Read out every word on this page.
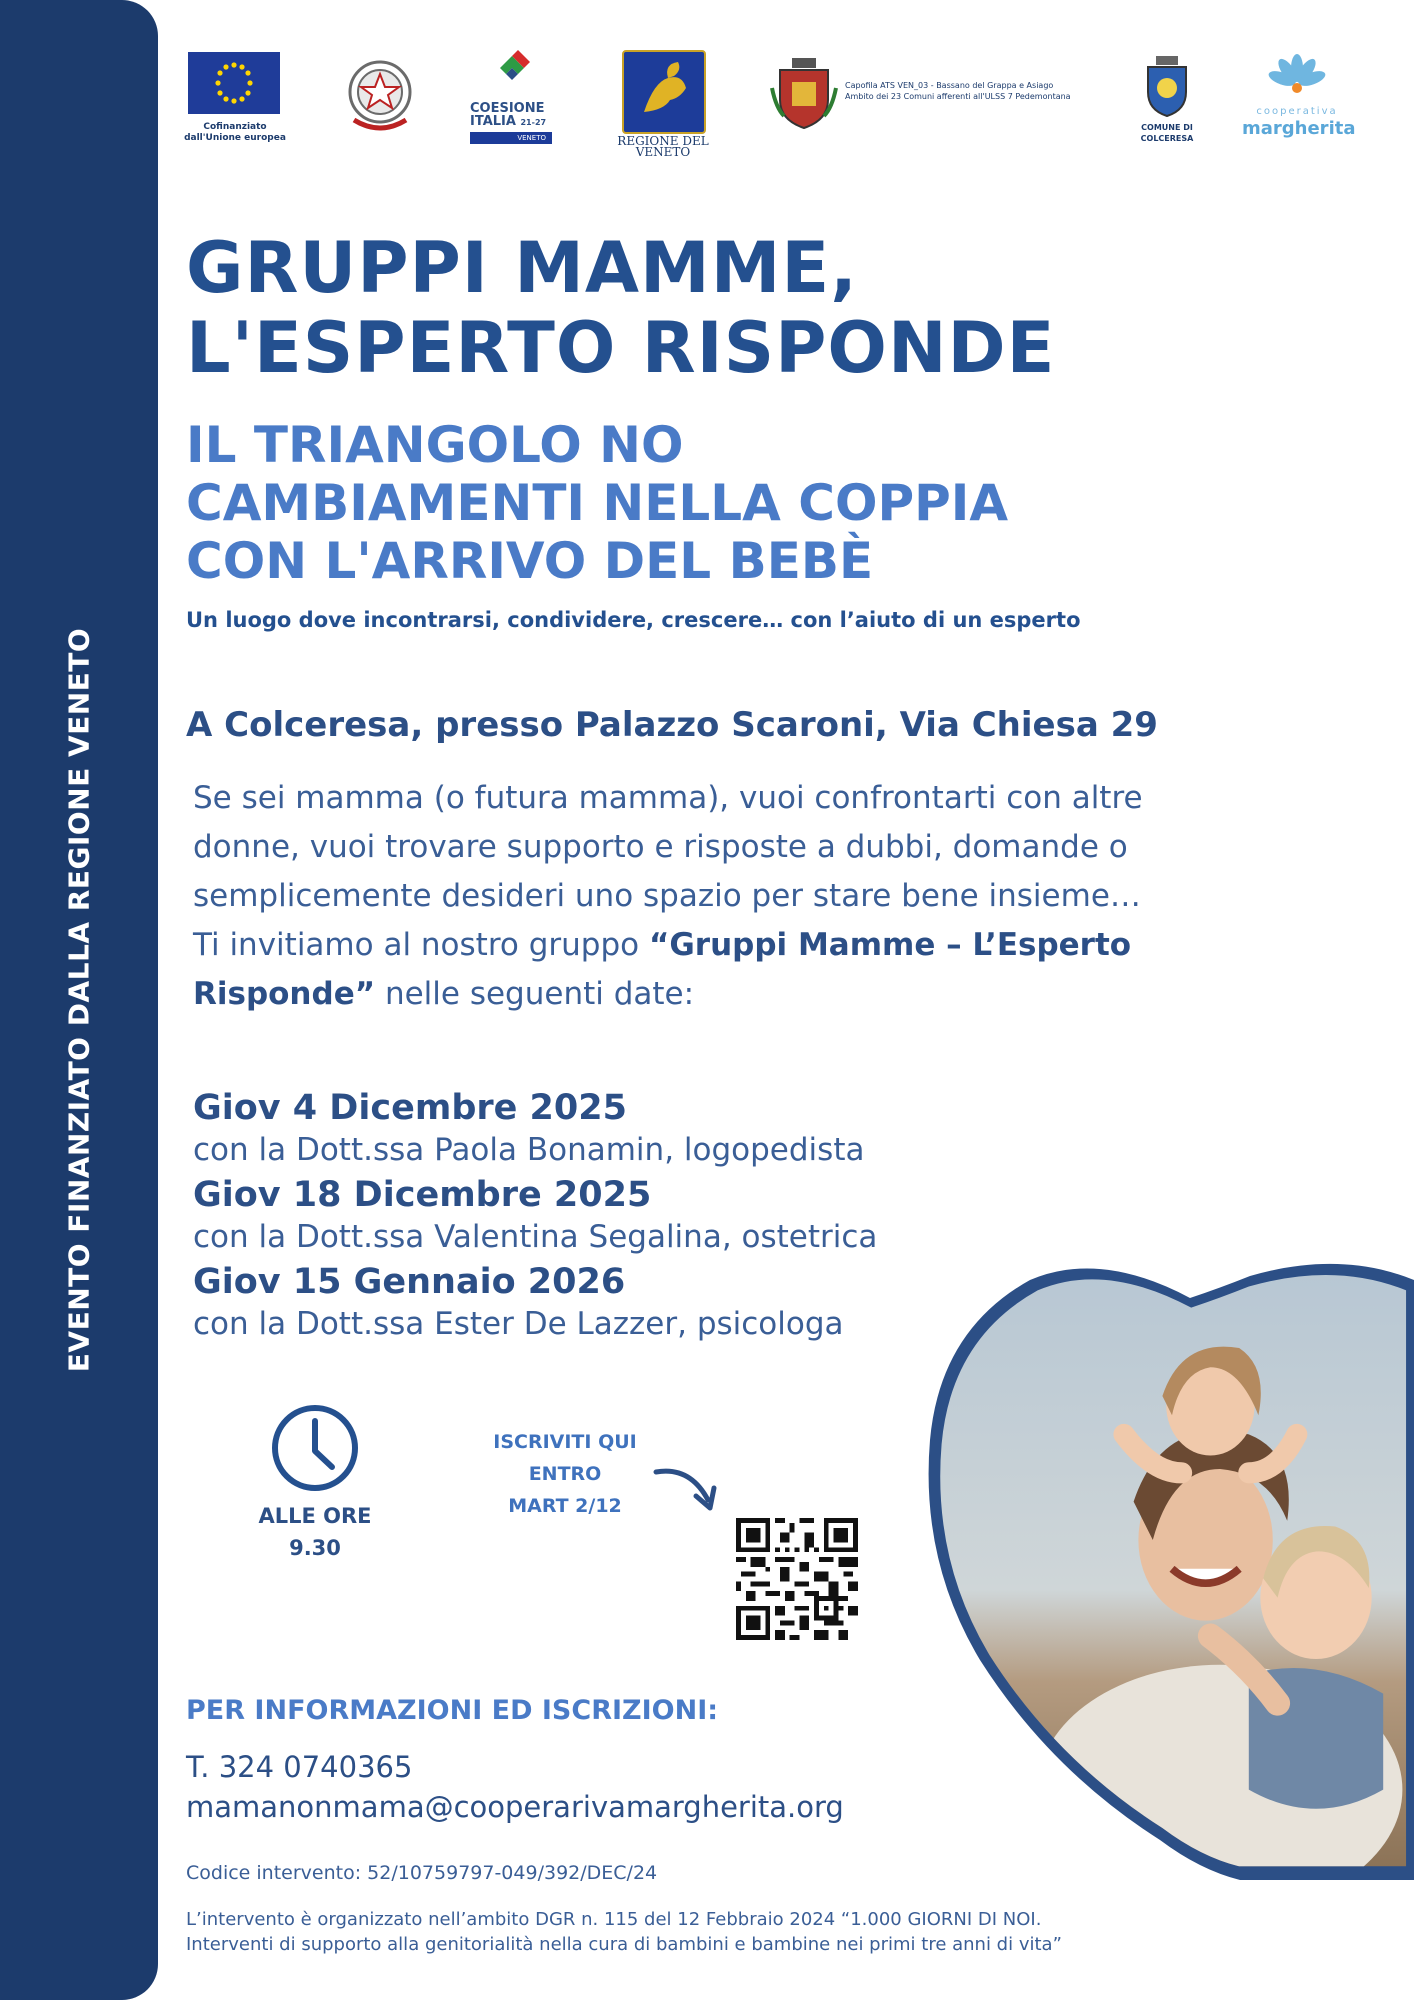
EVENTO FINANZIATO DALLA REGIONE VENETO
Cofinanziato
dall'Unione europea
COESIONE
ITALIA 21-27
VENETO	REGIONE DEL VENETO
Capofila ATS VEN_03 - Bassano del Grappa e Asiago
Ambito dei 23 Comuni afferenti all'ULSS 7 Pedemontana
COMUNE DI
COLCERESA
cooperativa
margherita
GRUPPI MAMME,
L'ESPERTO RISPONDE
IL TRIANGOLO NO
CAMBIAMENTI NELLA COPPIA
CON L'ARRIVO DEL BEBÈ
Un luogo dove incontrarsi, condividere, crescere… con l’aiuto di un esperto
A Colceresa, presso Palazzo Scaroni, Via Chiesa 29
Se sei mamma (o futura mamma), vuoi confrontarti con altre
donne, vuoi trovare supporto e risposte a dubbi, domande o
semplicemente desideri uno spazio per stare bene insieme…
Ti invitiamo al nostro gruppo “Gruppi Mamme – L’Esperto
Risponde” nelle seguenti date:
Giov 4 Dicembre 2025
con la Dott.ssa Paola Bonamin, logopedista
Giov 18 Dicembre 2025
con la Dott.ssa Valentina Segalina, ostetrica
Giov 15 Gennaio 2026
con la Dott.ssa Ester De Lazzer, psicologa
ALLE ORE
9.30
ISCRIVITI QUI
ENTRO
MART 2/12
PER INFORMAZIONI ED ISCRIZIONI:
T. 324 0740365
mamanonmama@cooperarivamargherita.org
Codice intervento: 52/10759797-049/392/DEC/24
L’intervento è organizzato nell’ambito DGR n. 115 del 12 Febbraio 2024 “1.000 GIORNI DI NOI.
Interventi di supporto alla genitorialità nella cura di bambini e bambine nei primi tre anni di vita”
